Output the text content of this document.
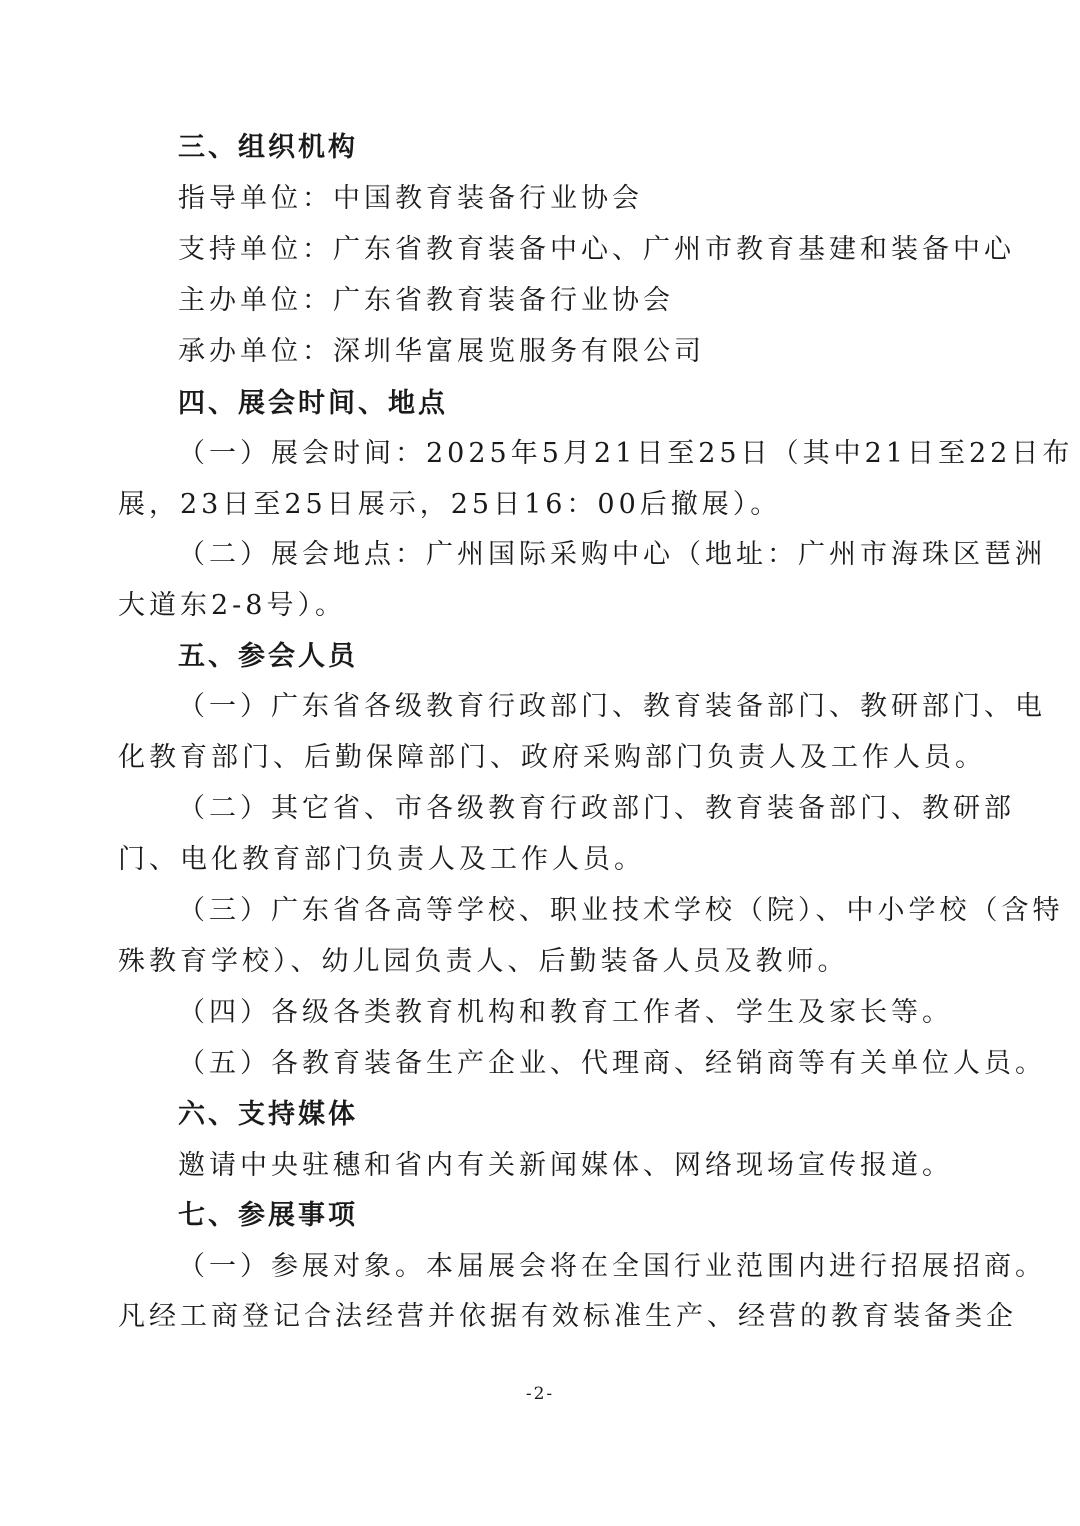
三、组织机构
指导单位：中国教育装备行业协会
支持单位：广东省教育装备中心、广州市教育基建和装备中心
主办单位：广东省教育装备行业协会
承办单位：深圳华富展览服务有限公司
四、展会时间、地点
（一）展会时间：2025年5月21日至25日（其中21日至22日布
展，23日至25日展示，25日16：00后撤展）。
（二）展会地点：广州国际采购中心（地址：广州市海珠区琶洲
大道东2-8号）。
五、参会人员
（一）广东省各级教育行政部门、教育装备部门、教研部门、电
化教育部门、后勤保障部门、政府采购部门负责人及工作人员。
（二）其它省、市各级教育行政部门、教育装备部门、教研部
门、电化教育部门负责人及工作人员。
（三）广东省各高等学校、职业技术学校（院）、中小学校（含特
殊教育学校）、幼儿园负责人、后勤装备人员及教师。
（四）各级各类教育机构和教育工作者、学生及家长等。
（五）各教育装备生产企业、代理商、经销商等有关单位人员。
六、支持媒体
邀请中央驻穗和省内有关新闻媒体、网络现场宣传报道。
七、参展事项
（一）参展对象。本届展会将在全国行业范围内进行招展招商。
凡经工商登记合法经营并依据有效标准生产、经营的教育装备类企
-2-
